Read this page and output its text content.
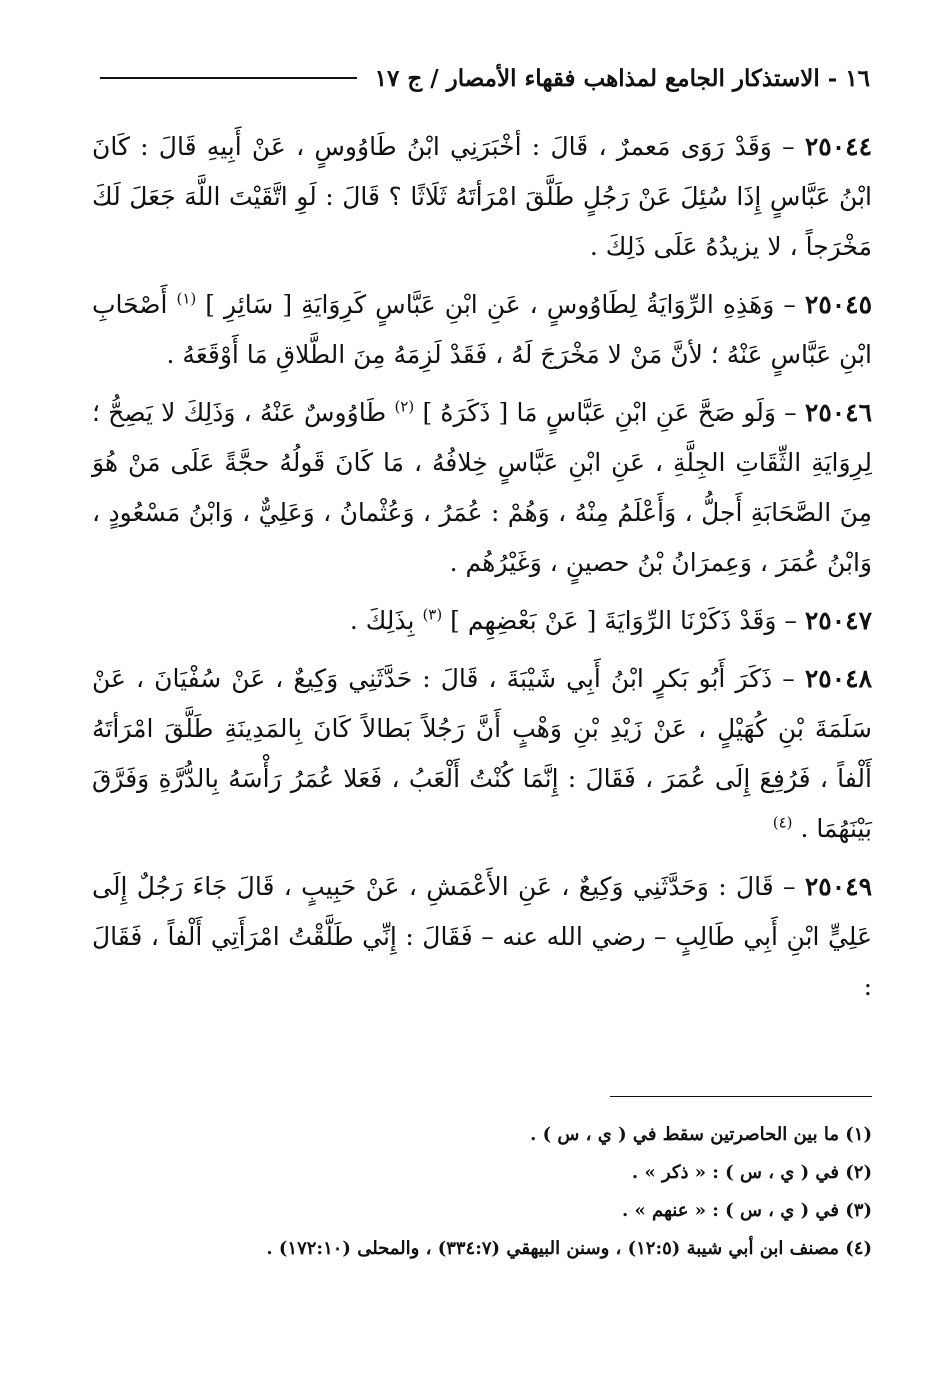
١٦ - الاستذكار الجامع لمذاهب فقهاء الأمصار / ج ١٧

٢٥٠٤٤ – وَقَدْ رَوَى مَعمرٌ ، قَالَ : أخْبَرَنِي ابْنُ طَاوُوسٍ ، عَنْ أَبِيهِ قَالَ : كَانَ ابْنُ عَبَّاسٍ إِذَا سُئِلَ عَنْ رَجُلٍ طَلَّقَ امْرَأتَهُ ثَلَاثًا ؟ قَالَ : لَوِ اتَّقَيْتَ اللَّهَ جَعَلَ لَكَ مَخْرَجاً ، لا يزيدُهُ عَلَى ذَلِكَ .

٢٥٠٤٥ – وَهَذِهِ الرِّوَايَةُ لِطَاوُوسٍ ، عَنِ ابْنِ عَبَّاسٍ كَرِوَايَةِ [ سَائِرِ ] $^{(١)}$ أَصْحَابِ ابْنِ عَبَّاسٍ عَنْهُ ؛ لأنَّ مَنْ لا مَخْرَجَ لَهُ ، فَقَدْ لَزِمَهُ مِنَ الطَّلاقِ مَا أَوْقَعَهُ .

٢٥٠٤٦ – وَلَو صَحَّ عَنِ ابْنِ عَبَّاسٍ مَا [ ذَكَرَهُ ] $^{(٢)}$ طَاوُوسٌ عَنْهُ ، وَذَلِكَ لا يَصِحُّ ؛ لِرِوَايَةِ الثِّقَاتِ الجِلَّةِ ، عَنِ ابْنِ عَبَّاسٍ خِلافُهُ ، مَا كَانَ قَولُهُ حجَّةً عَلَى مَنْ هُوَ مِنَ الصَّحَابَةِ أَجلُّ ، وَأَعْلَمُ مِنْهُ ، وَهُمْ : عُمَرُ ، وَعُثْمانُ ، وَعَلِيٌّ ، وَابْنُ مَسْعُودٍ ، وَابْنُ عُمَرَ ، وَعِمرَانُ بْنُ حصينٍ ، وَغَيْرُهُم .

٢٥٠٤٧ – وَقَدْ ذَكَرْنَا الرِّوَايَةَ [ عَنْ بَعْضِهِم ] $^{(٣)}$ بِذَلِكَ .

٢٥٠٤٨ – ذَكَرَ أَبُو بَكرٍ ابْنُ أَبِي شَيْبَةَ ، قَالَ : حَدَّثَنِي وَكِيعٌ ، عَنْ سُفْيَانَ ، عَنْ سَلَمَةَ بْنِ كُهَيْلٍ ، عَنْ زَيْدِ بْنِ وَهْبٍ أَنَّ رَجُلاً بَطالاً كَانَ بِالمَدِينَةِ طَلَّقَ امْرَأتَهُ أَلْفاً ، فَرُفِعَ إِلَى عُمَرَ ، فَقَالَ : إِنَّمَا كُنْتُ أَلْعَبُ ، فَعَلا عُمَرُ رَأْسَهُ بِالدُّرَّةِ وَفَرَّقَ بَيْنَهُمَا . $^{(٤)}$

٢٥٠٤٩ – قَالَ : وَحَدَّثَنِي وَكِيعٌ ، عَنِ الأَعْمَشِ ، عَنْ حَبِيبٍ ، قَالَ جَاءَ رَجُلٌ إِلَى عَلِيٍّ ابْنِ أَبِي طَالِبٍ – رضي الله عنه – فَقَالَ : إِنِّي طَلَّقْتُ امْرَأَتِي أَلْفاً ، فَقَالَ :

(١) ما بين الحاصرتين سقط في ( ي ، س ) .

(٢) في ( ي ، س ) : « ذكر » .

(٣) في ( ي ، س ) : « عنهم » .

(٤) مصنف ابن أبي شيبة (١٢:٥) ، وسنن البيهقي (٣٣٤:٧) ، والمحلى (١٧٢:١٠) .
